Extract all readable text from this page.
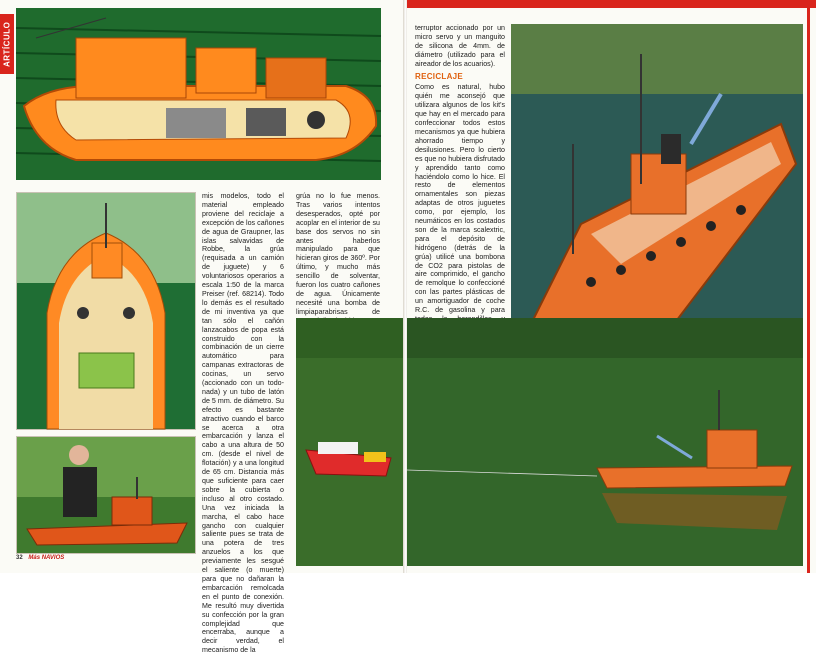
ARTÍCULO

mis modelos, todo el material empleado proviene del reciclaje a excepción de los cañones de agua de Graupner, las islas salvavidas de Robbe, la grúa (requisada a un camión de juguete) y 6 voluntariosos operarios a escala 1:50 de la marca Preiser (ref. 68214). Todo lo demás es el resultado de mi inventiva ya que tan sólo el cañón lanzacabos de popa está construido con la combinación de un cierre automático para campanas extractoras de cocinas, un servo (accionado con un todo-nada) y un tubo de latón de 5 mm. de diámetro. Su efecto es bastante atractivo cuando el barco se acerca a otra embarcación y lanza el cabo a una altura de 50 cm. (desde el nivel de flotación) y a una longitud de 65 cm. Distancia más que suficiente para caer sobre la cubierta o incluso al otro costado. Una vez iniciada la marcha, el cabo hace gancho con cualquier saliente pues se trata de una potera de tres anzuelos a los que previamente les sesgué el saliente (o muerte) para que no dañaran la embarcación remolcada en el punto de conexión. Me resultó muy divertida su confección por la gran complejidad que encerraba, aunque a decir verdad, el mecanismo de la

grúa no lo fue menos. Tras varios intentos desesperados, opté por acoplar en el interior de su base dos servos no sin antes haberlos manipulado para que hicieran giros de 360º. Por último, y mucho más sencillo de solventar, fueron los cuatro cañones de agua. Únicamente necesité una bomba de limpiaparabrisas de

32 Más NAVIOS

terruptor accionado por un micro servo y un manguito de silicona de 4mm. de diámetro (utilizado para el aireador de los acuarios).

RECICLAJE

Como es natural, hubo quién me aconsejó que utilizara algunos de los kit's que hay en el mercado para confeccionar todos estos mecanismos ya que hubiera ahorrado tiempo y desilusiones. Pero lo cierto es que no hubiera disfrutado y aprendido tanto como haciéndolo como lo hice. El resto de elementos ornamentales son piezas adaptas de otros juguetes como, por ejemplo, los neumáticos en los costados son de la marca scalextric, para el depósito de hidrógeno (detrás de la grúa) utilicé una bombona de CO2 para pistolas de aire comprimido, el gancho de remolque lo confeccioné con las partes plásticas de un amortiguador de coche R.C. de gasolina y para
